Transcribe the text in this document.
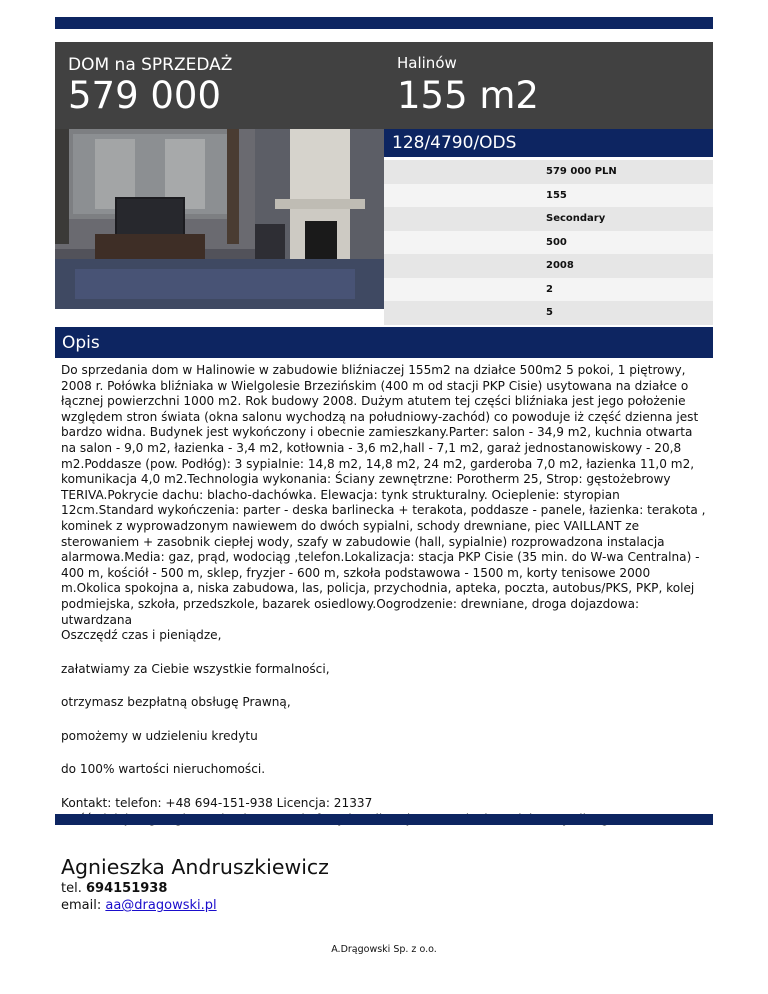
DOM na SPRZEDAŻ
579 000
Halinów
155 m2
128/4790/ODS
579 000 PLN
155
Secondary
500
2008
2
5
Opis

Do sprzedania dom w Halinowie w zabudowie bliźniaczej 155m2 na działce 500m2 5 pokoi, 1 piętrowy, 2008 r. Połówka bliźniaka w Wielgolesie Brzezińskim (400 m od stacji PKP Cisie) usytowana na działce o łącznej powierzchni 1000 m2. Rok budowy 2008. Dużym atutem tej części bliźniaka jest jego położenie względem stron świata (okna salonu wychodzą na południowy-zachód) co powoduje iż część dzienna jest bardzo widna. Budynek jest wykończony i obecnie zamieszkany.Parter: salon - 34,9 m2, kuchnia otwarta na salon - 9,0 m2, łazienka - 3,4 m2, kotłownia - 3,6 m2,hall - 7,1 m2, garaż jednostanowiskowy - 20,8 m2.Poddasze (pow. Podłóg): 3 sypialnie: 14,8 m2, 14,8 m2, 24 m2, garderoba 7,0 m2, łazienka 11,0 m2, komunikacja 4,0 m2.Technologia wykonania: Ściany zewnętrzne: Porotherm 25, Strop: gęstożebrowy TERIVA.Pokrycie dachu: blacho-dachówka. Elewacja: tynk strukturalny. Ocieplenie: styropian 12cm.Standard wykończenia: parter - deska barlinecka + terakota, poddasze - panele, łazienka: terakota , kominek z wyprowadzonym nawiewem do dwóch sypialni, schody drewniane, piec VAILLANT ze sterowaniem + zasobnik ciepłej wody, szafy w zabudowie (hall, sypialnie) rozprowadzona instalacja alarmowa.Media: gaz, prąd, wodociąg ,telefon.Lokalizacja: stacja PKP Cisie (35 min. do W-wa Centralna) - 400 m, kościół - 500 m, sklep, fryzjer - 600 m, szkoła podstawowa - 1500 m, korty tenisowe 2000 m.Okolica spokojna a, niska zabudowa, las, policja, przychodnia, apteka, poczta, autobus/PKS, PKP, kolej podmiejska, szkoła, przedszkole, bazarek osiedlowy.Oogrodzenie: drewniane, droga dojazdowa: utwardzana

Oszczędź czas i pieniądze,

załatwiamy za Ciebie wszystkie formalności,

otrzymasz bezpłatną obsługę Prawną,

pomożemy w udzieleniu kredytu

do 100% wartości nieruchomości.

Kontakt: telefon: +48 694-151-938 Licencja: 21337

Agnieszka Andruszkiewicz
tel. 694151938
email: aa@dragowski.pl
A.Drągowski Sp. z o.o.
